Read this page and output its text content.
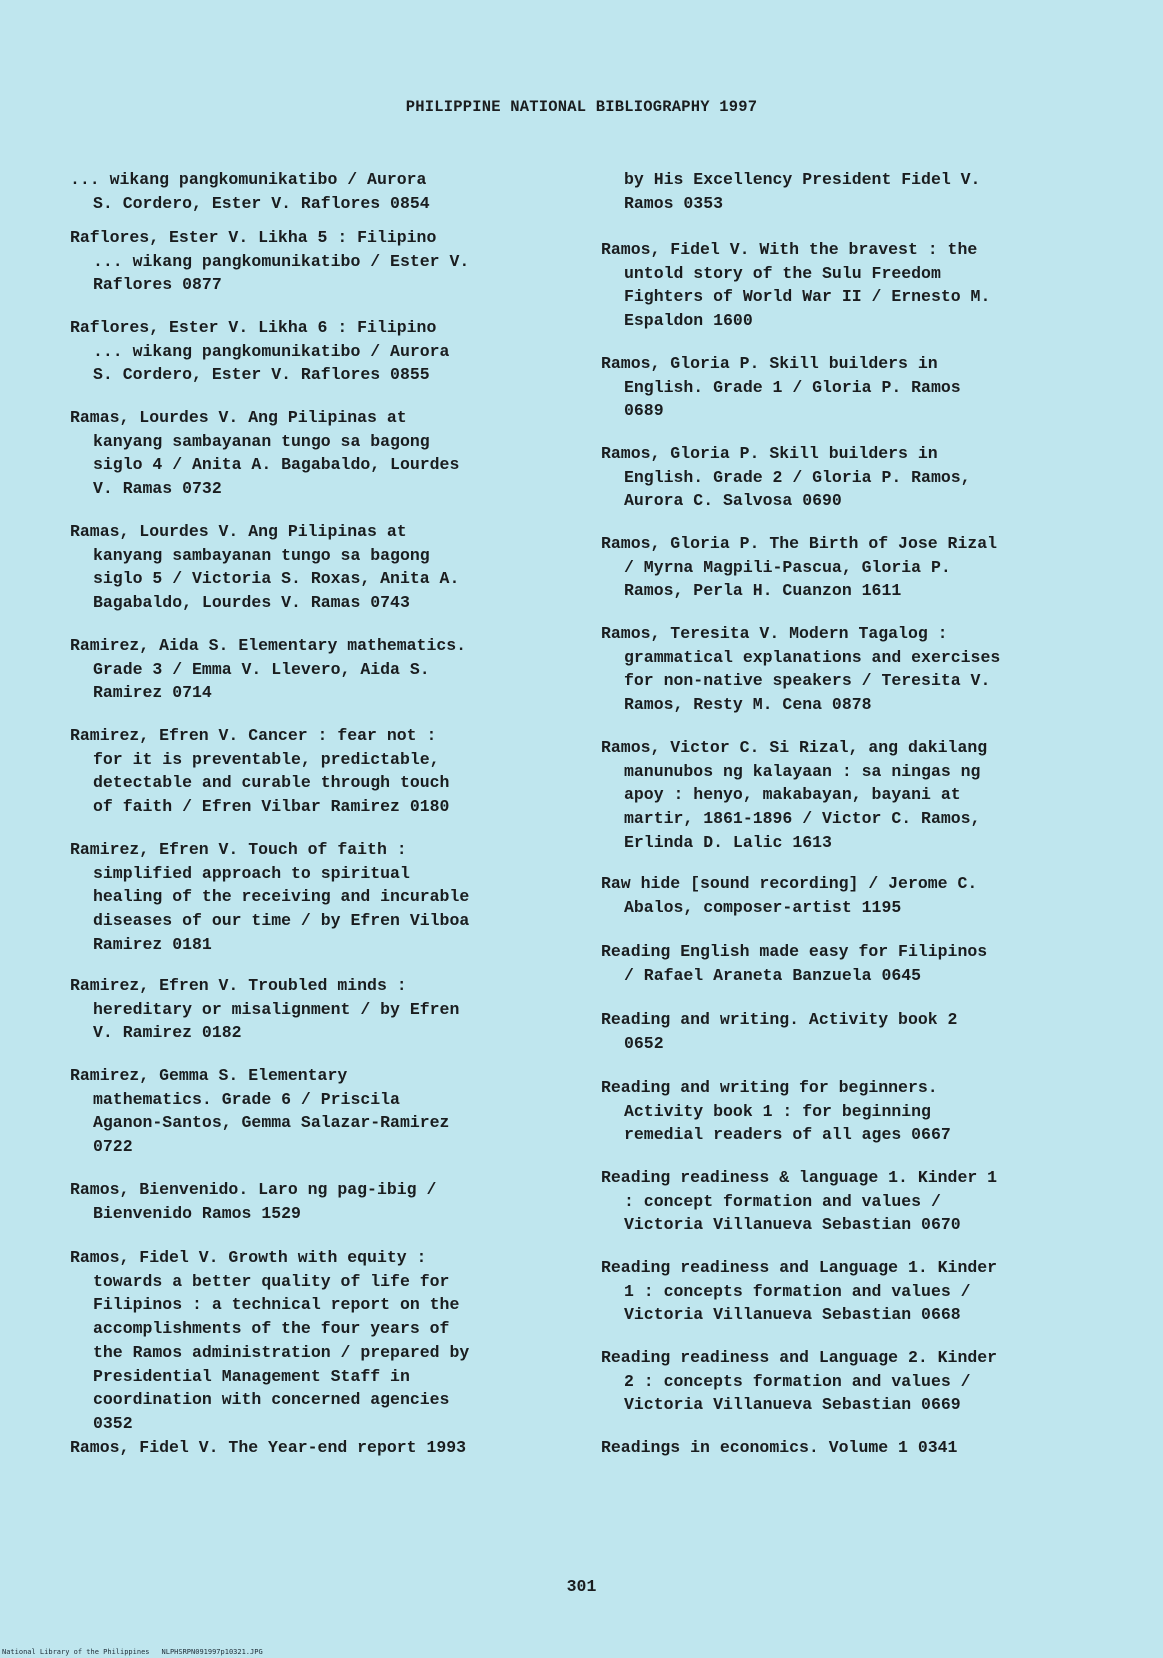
PHILIPPINE NATIONAL BIBLIOGRAPHY 1997
... wikang pangkomunikatibo / Aurora
S. Cordero, Ester V. Raflores 0854
Raflores, Ester V. Likha 5 : Filipino
... wikang pangkomunikatibo / Ester V.
Raflores 0877
Raflores, Ester V. Likha 6 : Filipino
... wikang pangkomunikatibo / Aurora
S. Cordero, Ester V. Raflores 0855
Ramas, Lourdes V. Ang Pilipinas at
kanyang sambayanan tungo sa bagong
siglo 4 / Anita A. Bagabaldo, Lourdes
V. Ramas 0732
Ramas, Lourdes V. Ang Pilipinas at
kanyang sambayanan tungo sa bagong
siglo 5 / Victoria S. Roxas, Anita A.
Bagabaldo, Lourdes V. Ramas 0743
Ramirez, Aida S. Elementary mathematics.
Grade 3 / Emma V. Llevero, Aida S.
Ramirez 0714
Ramirez, Efren V. Cancer : fear not :
for it is preventable, predictable,
detectable and curable through touch
of faith / Efren Vilbar Ramirez 0180
Ramirez, Efren V. Touch of faith :
simplified approach to spiritual
healing of the receiving and incurable
diseases of our time / by Efren Vilboa
Ramirez 0181
Ramirez, Efren V. Troubled minds :
hereditary or misalignment / by Efren
V. Ramirez 0182
Ramirez, Gemma S. Elementary
mathematics. Grade 6 / Priscila
Aganon-Santos, Gemma Salazar-Ramirez
0722
Ramos, Bienvenido. Laro ng pag-ibig /
Bienvenido Ramos 1529
Ramos, Fidel V. Growth with equity :
towards a better quality of life for
Filipinos : a technical report on the
accomplishments of the four years of
the Ramos administration / prepared by
Presidential Management Staff in
coordination with concerned agencies
0352
Ramos, Fidel V. The Year-end report 1993
by His Excellency President Fidel V.
Ramos 0353
Ramos, Fidel V. With the bravest : the
untold story of the Sulu Freedom
Fighters of World War II / Ernesto M.
Espaldon 1600
Ramos, Gloria P. Skill builders in
English. Grade 1 / Gloria P. Ramos
0689
Ramos, Gloria P. Skill builders in
English. Grade 2 / Gloria P. Ramos,
Aurora C. Salvosa 0690
Ramos, Gloria P. The Birth of Jose Rizal
/ Myrna Magpili-Pascua, Gloria P.
Ramos, Perla H. Cuanzon 1611
Ramos, Teresita V. Modern Tagalog :
grammatical explanations and exercises
for non-native speakers / Teresita V.
Ramos, Resty M. Cena 0878
Ramos, Victor C. Si Rizal, ang dakilang
manunubos ng kalayaan : sa ningas ng
apoy : henyo, makabayan, bayani at
martir, 1861-1896 / Victor C. Ramos,
Erlinda D. Lalic 1613
Raw hide [sound recording] / Jerome C.
Abalos, composer-artist 1195
Reading English made easy for Filipinos
/ Rafael Araneta Banzuela 0645
Reading and writing. Activity book 2
0652
Reading and writing for beginners.
Activity book 1 : for beginning
remedial readers of all ages 0667
Reading readiness & language 1. Kinder 1
: concept formation and values /
Victoria Villanueva Sebastian 0670
Reading readiness and Language 1. Kinder
1 : concepts formation and values /
Victoria Villanueva Sebastian 0668
Reading readiness and Language 2. Kinder
2 : concepts formation and values /
Victoria Villanueva Sebastian 0669
Readings in economics. Volume 1 0341
301
National Library of the Philippines NLPHSRPN091997p10321.JPG
